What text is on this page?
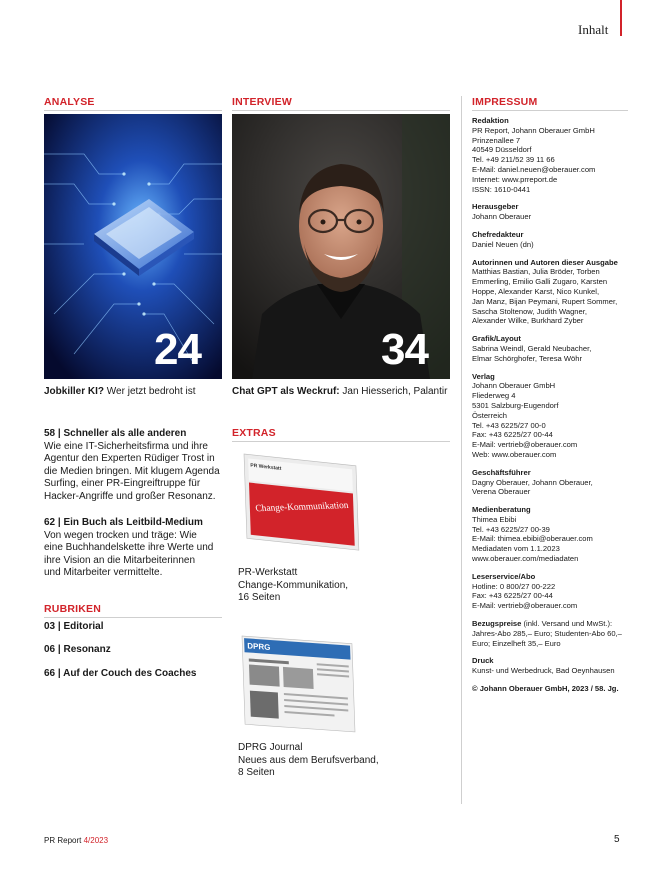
Inhalt
ANALYSE
24
Jobkiller KI? Wer jetzt bedroht ist
INTERVIEW
34
Chat GPT als Weckruf: Jan Hiesserich, Palantir
58 | Schneller als alle anderen
Wie eine IT-Sicherheitsfirma und ihre
Agentur den Experten Rüdiger Trost in
die Medien bringen. Mit klugem Agenda
Surfing, einer PR-Eingreiftruppe für
Hacker-Angriffe und großer Resonanz.
62 | Ein Buch als Leitbild-Medium
Von wegen trocken und träge: Wie
eine Buchhandelskette ihre Werte und
ihre Vision an die Mitarbeiterinnen
und Mitarbeiter vermittelte.
RUBRIKEN
03 | Editorial
06 | Resonanz
66 | Auf der Couch des Coaches
EXTRAS
PR Werkstatt
Change-Kommunikation
PR-Werkstatt
Change-Kommunikation,
16 Seiten
DPRG
DPRG Journal
Neues aus dem Berufsverband,
8 Seiten
IMPRESSUM
Redaktion
PR Report, Johann Oberauer GmbH
Prinzenallee 7
40549 Düsseldorf
Tel. +49 211/52 39 11 66
E-Mail: daniel.neuen@oberauer.com
Internet: www.prreport.de
ISSN: 1610-0441
Herausgeber
Johann Oberauer
Chefredakteur
Daniel Neuen (dn)
Autorinnen und Autoren dieser Ausgabe
Matthias Bastian, Julia Bröder, Torben
Emmerling, Emilio Galli Zugaro, Karsten
Hoppe, Alexander Karst, Nico Kunkel,
Jan Manz, Bijan Peymani, Rupert Sommer,
Sascha Stoltenow, Judith Wagner,
Alexander Wilke, Burkhard Zyber
Grafik/Layout
Sabrina Weindl, Gerald Neubacher,
Elmar Schörghofer, Teresa Wöhr
Verlag
Johann Oberauer GmbH
Fliederweg 4
5301 Salzburg-Eugendorf
Österreich
Tel. +43 6225/27 00-0
Fax: +43 6225/27 00-44
E-Mail: vertrieb@oberauer.com
Web: www.oberauer.com
Geschäftsführer
Dagny Oberauer, Johann Oberauer,
Verena Oberauer
Medienberatung
Thimea Ebibi
Tel. +43 6225/27 00-39
E-Mail: thimea.ebibi@oberauer.com
Mediadaten vom 1.1.2023
www.oberauer.com/mediadaten
Leserservice/Abo
Hotline: 0 800/27 00-222
Fax: +43 6225/27 00-44
E-Mail: vertrieb@oberauer.com
Bezugspreise (inkl. Versand und MwSt.):
Jahres-Abo 285,– Euro; Studenten-Abo 60,–
Euro; Einzelheft 35,– Euro
Druck
Kunst- und Werbedruck, Bad Oeynhausen
© Johann Oberauer GmbH, 2023 / 58. Jg.
PR Report 4/2023	5
